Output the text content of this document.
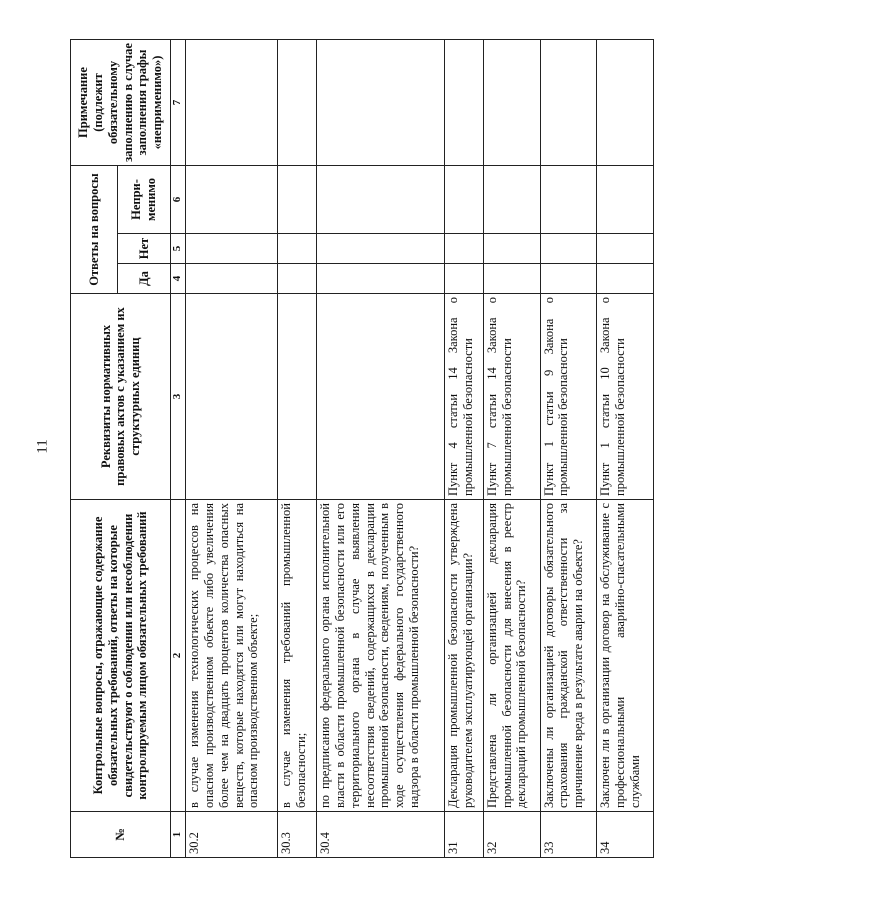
11
№	Контрольные вопросы, отражающие содержание обязательных требований, ответы на которые свидетельствуют о соблюдении или несоблюдении контролируемым лицом обязательных требований	Реквизиты нормативных правовых актов с указанием их структурных единиц	Ответы на вопросы			Примечание (подлежит обязательному заполнению в случае заполнения графы «неприменимо»)
			Да	Нет	Непри-менимо	
1	2	3	4	5	6	7
30.2	в случае изменения технологических процессов на опасном производственном объекте либо увеличения более чем на двадцать процентов количества опасных веществ, которые находятся или могут находиться на опасном производственном объекте;					
30.3	в случае изменения требований промышленной безопасности;					
30.4	по предписанию федерального органа исполнительной власти в области промышленной безопасности или его территориального органа в случае выявления несоответствия сведений, содержащихся в декларации промышленной безопасности, сведениям, полученным в ходе осуществления федерального государственного надзора в области промышленной безопасности?					
31	Декларация промышленной безопасности утверждена руководителем эксплуатирующей организации?	Пункт 4 статьи 14 Закона о промышленной безопасности				
32	Представлена ли организацией декларация промышленной безопасности для внесения в реестр деклараций промышленной безопасности?	Пункт 7 статьи 14 Закона о промышленной безопасности				
33	Заключены ли организацией договоры обязательного страхования гражданской ответственности за причинение вреда в результате аварии на объекте?	Пункт 1 статьи 9 Закона о промышленной безопасности				
34	Заключен ли в организации договор на обслуживание с профессиональными аварийно-спасательными службами	Пункт 1 статьи 10 Закона о промышленной безопасности				
